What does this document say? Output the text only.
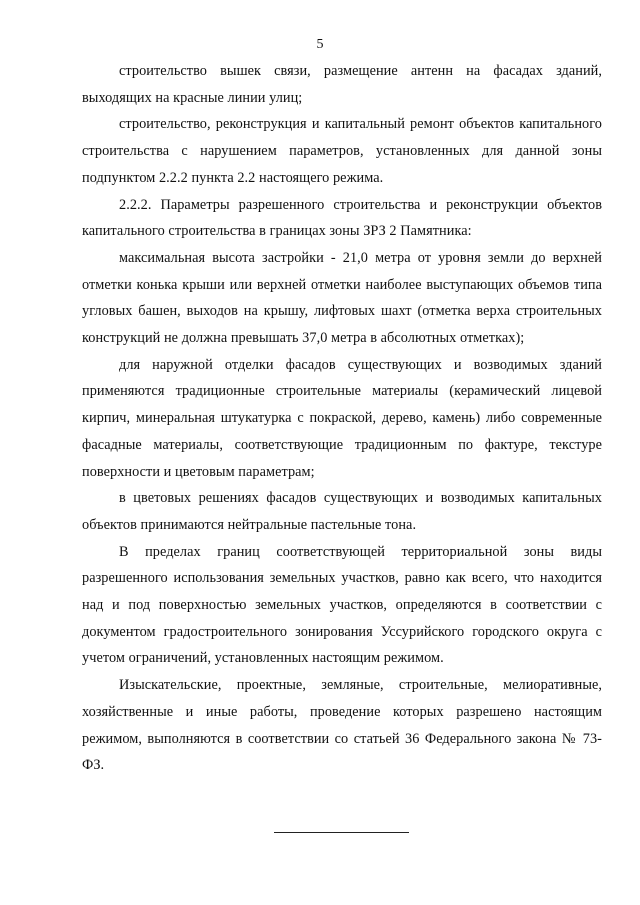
5

строительство вышек связи, размещение антенн на фасадах зданий, выходящих на красные линии улиц;

строительство, реконструкция и капитальный ремонт объектов капитального строительства с нарушением параметров, установленных для данной зоны подпунктом 2.2.2 пункта 2.2 настоящего режима.

2.2.2. Параметры разрешенного строительства и реконструкции объектов капитального строительства в границах зоны ЗРЗ 2 Памятника:

максимальная высота застройки - 21,0 метра от уровня земли до верхней отметки конька крыши или верхней отметки наиболее выступающих объемов типа угловых башен, выходов на крышу, лифтовых шахт (отметка верха строительных конструкций не должна превышать 37,0 метра в абсолютных отметках);

для наружной отделки фасадов существующих и возводимых зданий применяются традиционные строительные материалы (керамический лицевой кирпич, минеральная штукатурка с покраской, дерево, камень) либо современные фасадные материалы, соответствующие традиционным по фактуре, текстуре поверхности и цветовым параметрам;

в цветовых решениях фасадов существующих и возводимых капитальных объектов принимаются нейтральные пастельные тона.

В пределах границ соответствующей территориальной зоны виды разрешенного использования земельных участков, равно как всего, что находится над и под поверхностью земельных участков, определяются в соответствии с документом градостроительного зонирования Уссурийского городского округа с учетом ограничений, установленных настоящим режимом.

Изыскательские, проектные, земляные, строительные, мелиоративные, хозяйственные и иные работы, проведение которых разрешено настоящим режимом, выполняются в соответствии со статьей 36 Федерального закона № 73-ФЗ.
